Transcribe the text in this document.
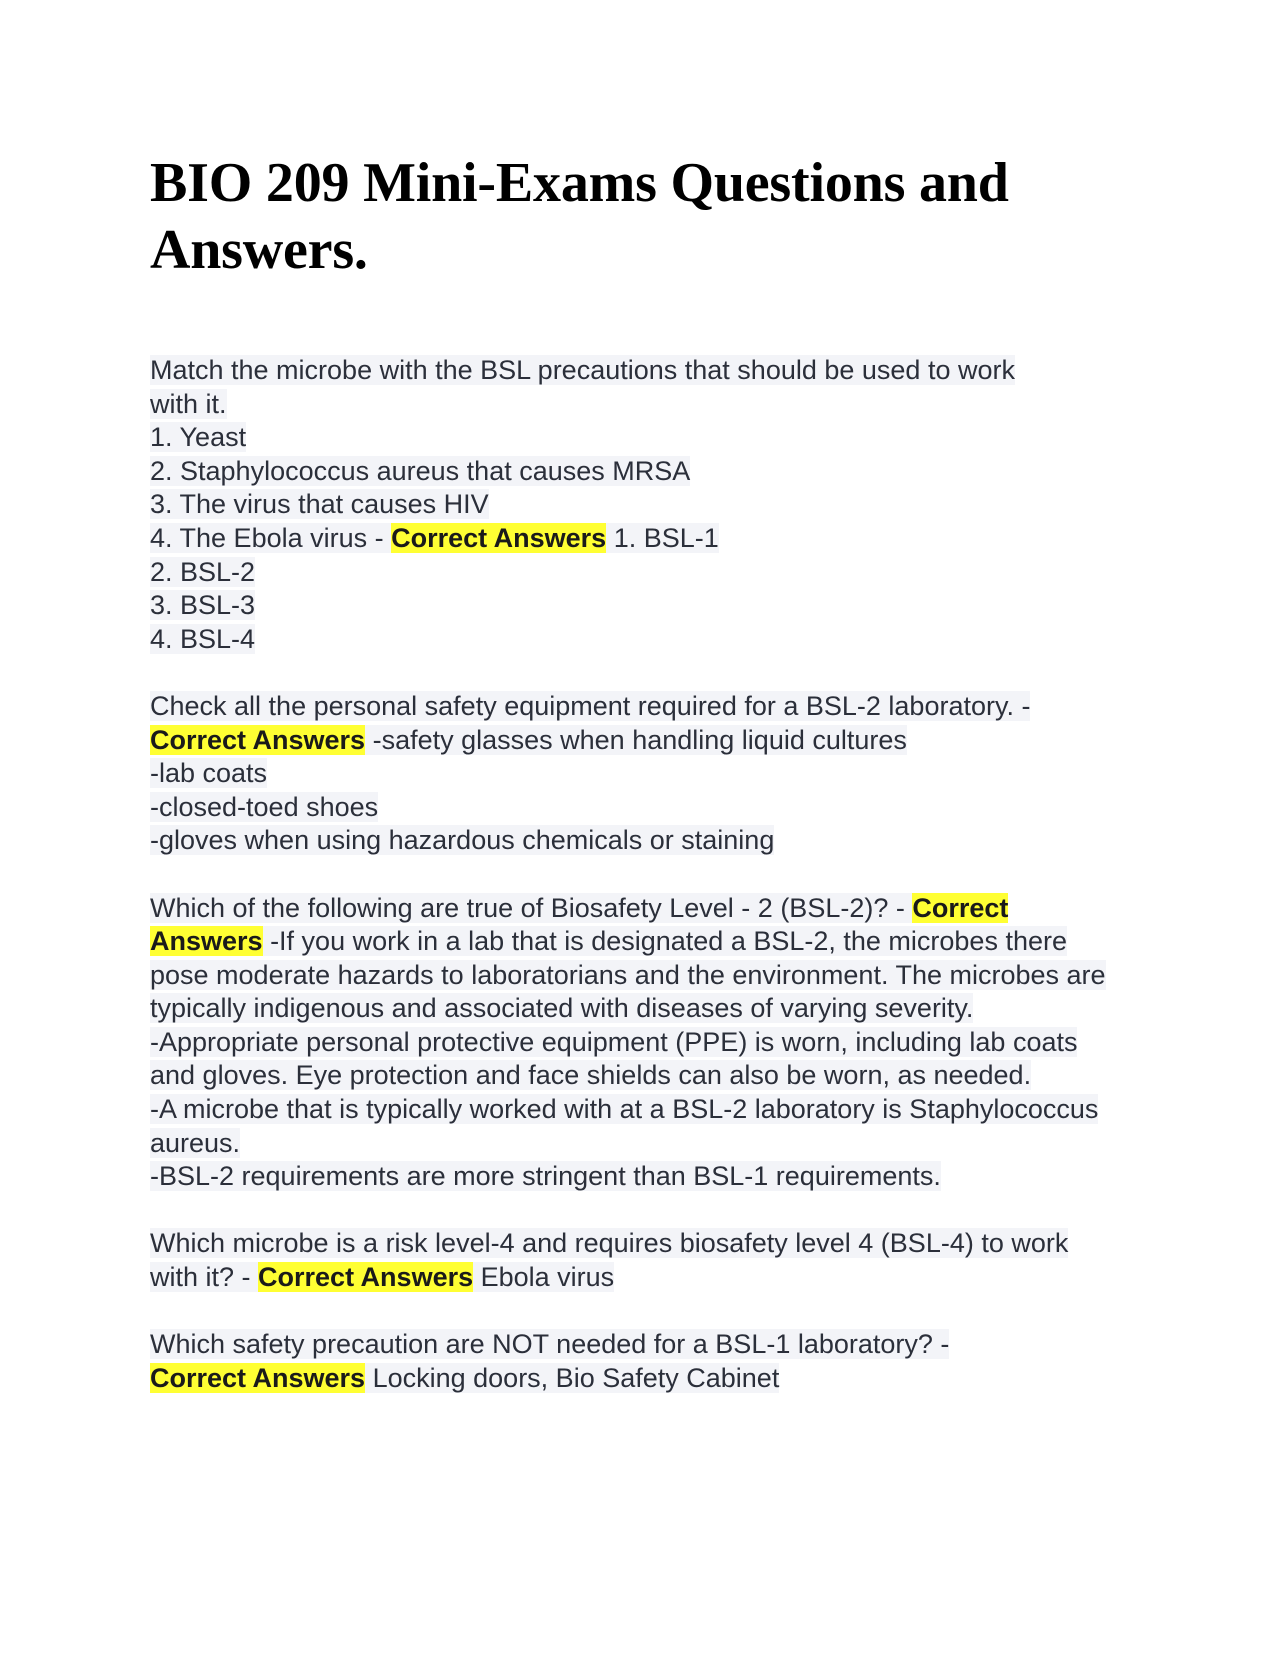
BIO 209 Mini-Exams Questions and Answers.
Match the microbe with the BSL precautions that should be used to work
with it.
1. Yeast
2. Staphylococcus aureus that causes MRSA
3. The virus that causes HIV
4. The Ebola virus - Correct Answers 1. BSL-1
2. BSL-2
3. BSL-3
4. BSL-4
Check all the personal safety equipment required for a BSL-2 laboratory. -
Correct Answers -safety glasses when handling liquid cultures
-lab coats
-closed-toed shoes
-gloves when using hazardous chemicals or staining
Which of the following are true of Biosafety Level - 2 (BSL-2)? - Correct Answers -If you work in a lab that is designated a BSL-2, the microbes there pose moderate hazards to laboratorians and the environment. The microbes are typically indigenous and associated with diseases of varying severity.
-Appropriate personal protective equipment (PPE) is worn, including lab coats and gloves. Eye protection and face shields can also be worn, as needed.
-A microbe that is typically worked with at a BSL-2 laboratory is Staphylococcus aureus.
-BSL-2 requirements are more stringent than BSL-1 requirements.
Which microbe is a risk level-4 and requires biosafety level 4 (BSL-4) to work with it? - Correct Answers Ebola virus
Which safety precaution are NOT needed for a BSL-1 laboratory? -
Correct Answers Locking doors, Bio Safety Cabinet
